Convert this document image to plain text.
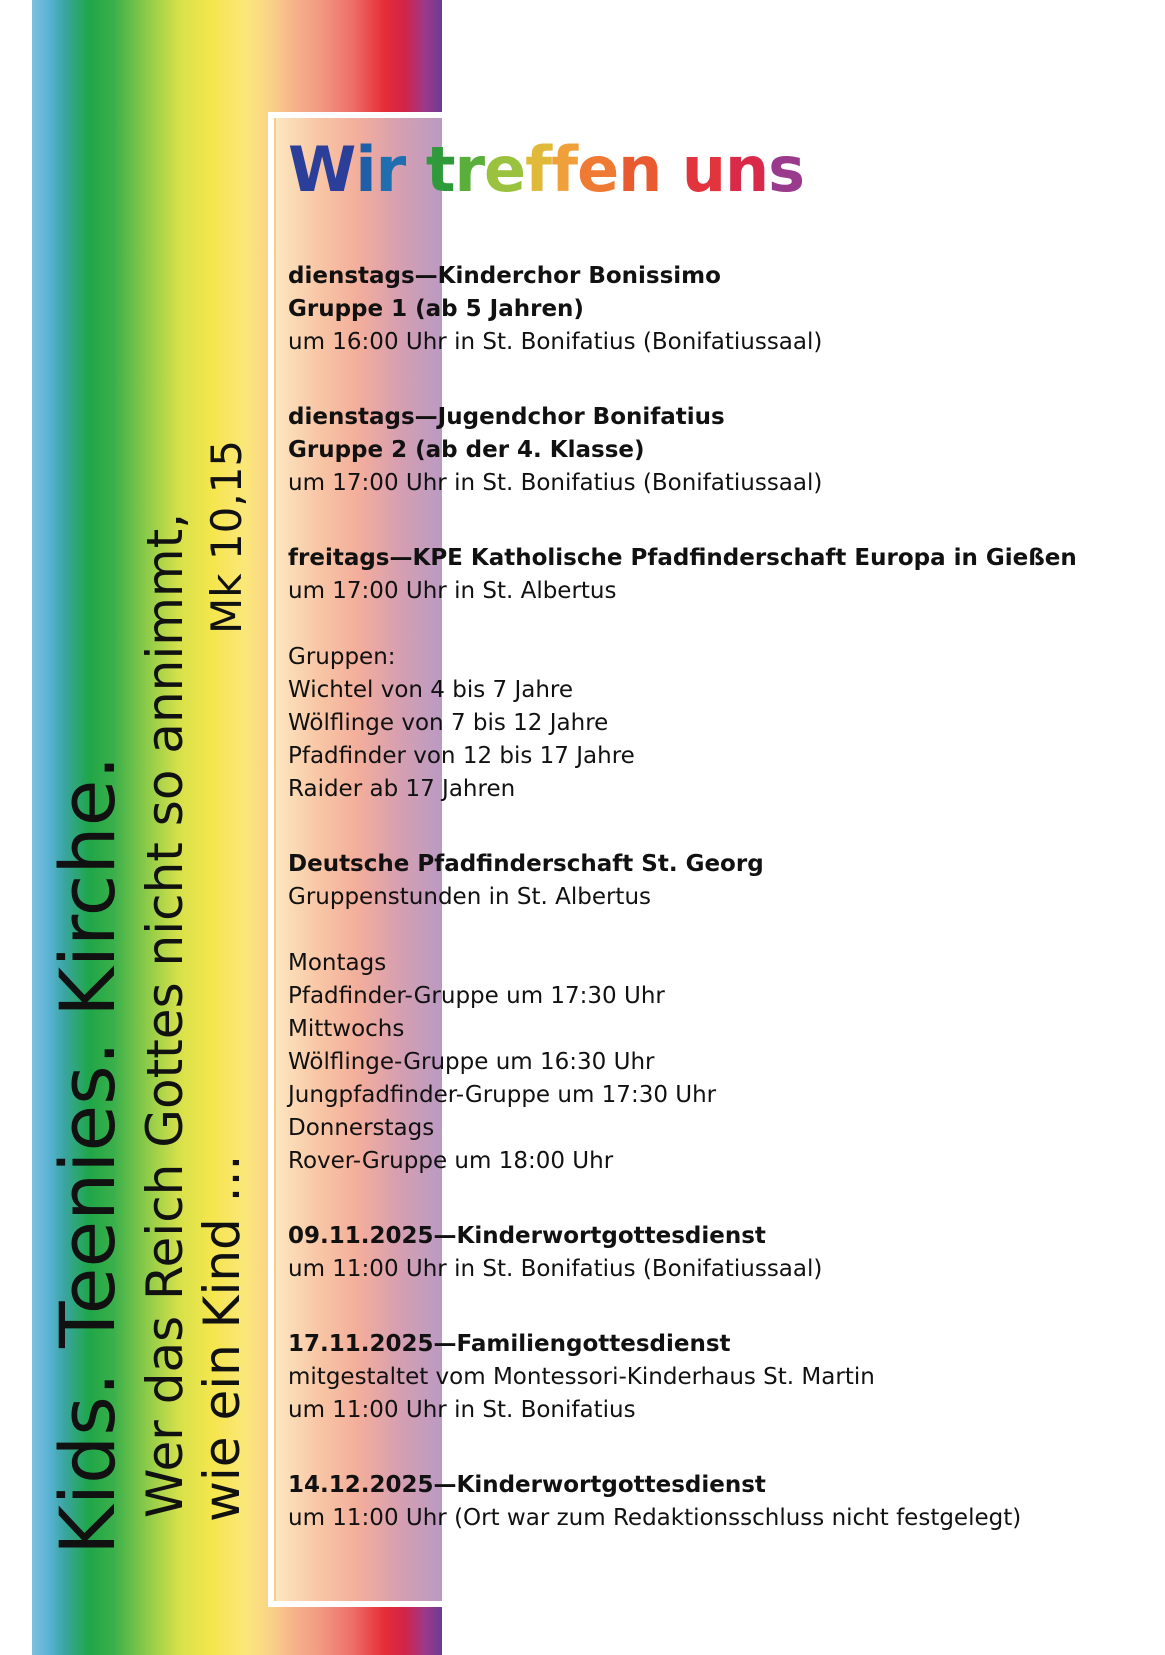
Wir treffen uns
Kids. Teenies. Kirche. Wer das Reich Gottes nicht so annimmt, wie ein Kind ...
Mk 10,15

dienstags—Kinderchor Bonissimo

Gruppe 1 (ab 5 Jahren)

um 16:00 Uhr in St. Bonifatius (Bonifatiussaal)

dienstags—Jugendchor Bonifatius

Gruppe 2 (ab der 4. Klasse)

um 17:00 Uhr in St. Bonifatius (Bonifatiussaal)

freitags—KPE Katholische Pfadfinderschaft Europa in Gießen

um 17:00 Uhr in St. Albertus

Gruppen:

Wichtel von 4 bis 7 Jahre

Wölflinge von 7 bis 12 Jahre

Pfadfinder von 12 bis 17 Jahre

Raider ab 17 Jahren

Deutsche Pfadfinderschaft St. Georg

Gruppenstunden in St. Albertus

Montags

Pfadfinder-Gruppe um 17:30 Uhr

Mittwochs

Wölflinge-Gruppe um 16:30 Uhr

Jungpfadfinder-Gruppe um 17:30 Uhr

Donnerstags

Rover-Gruppe um 18:00 Uhr

09.11.2025—Kinderwortgottesdienst

um 11:00 Uhr in St. Bonifatius (Bonifatiussaal)

17.11.2025—Familiengottesdienst

mitgestaltet vom Montessori-Kinderhaus St. Martin

um 11:00 Uhr in St. Bonifatius

14.12.2025—Kinderwortgottesdienst

um 11:00 Uhr (Ort war zum Redaktionsschluss nicht festgelegt)
